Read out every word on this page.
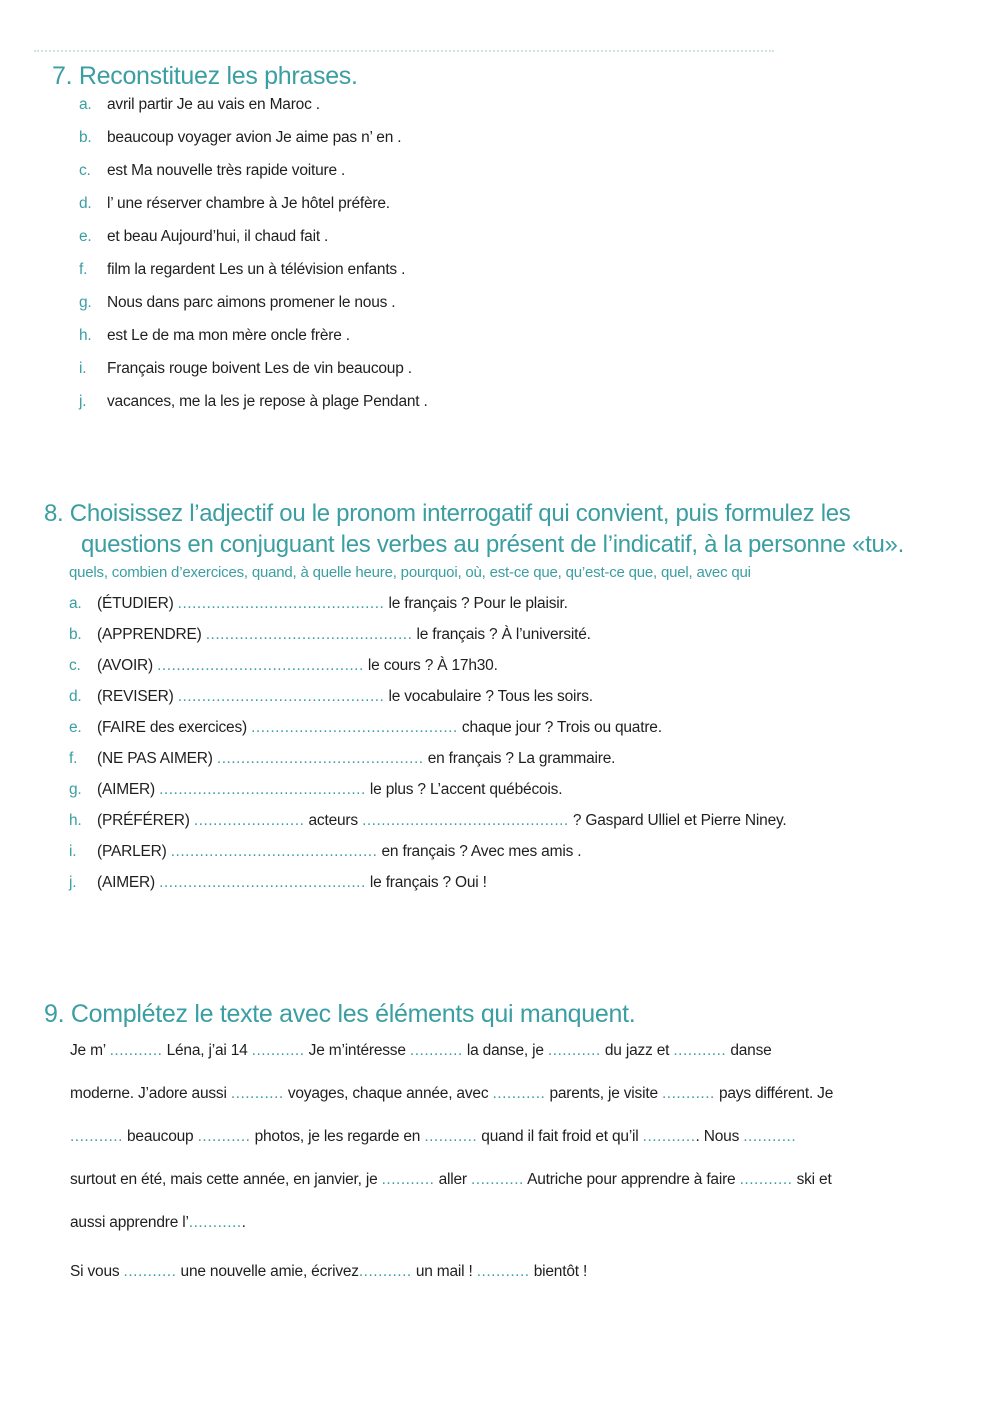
7. Reconstituez les phrases.
a. avril partir Je au vais en Maroc .
b. beaucoup voyager avion Je aime pas n’ en .
c. est Ma nouvelle très rapide voiture .
d. l’ une réserver chambre à Je hôtel préfère.
e. et beau Aujourd’hui, il chaud fait .
f. film la regardent Les un à télévision enfants .
g. Nous dans parc aimons promener le nous .
h. est Le de ma mon mère oncle frère .
i. Français rouge boivent Les de vin beaucoup .
j. vacances, me la les je repose à plage Pendant .
8. Choisissez l’adjectif ou le pronom interrogatif qui convient, puis formulez les
questions en conjuguant les verbes au présent de l’indicatif, à la personne «tu».
quels, combien d’exercices, quand, à quelle heure, pourquoi, où, est-ce que, qu’est-ce que, quel, avec qui
a. (ÉTUDIER) ........................................... le français ? Pour le plaisir.
b. (APPRENDRE) ........................................... le français ? À l’université.
c. (AVOIR) ........................................... le cours ? À 17h30.
d. (REVISER) ........................................... le vocabulaire ? Tous les soirs.
e. (FAIRE des exercices) ........................................... chaque jour ? Trois ou quatre.
f. (NE PAS AIMER) ........................................... en français ? La grammaire.
g. (AIMER) ........................................... le plus ? L’accent québécois.
h. (PRÉFÉRER) ....................... acteurs ........................................... ? Gaspard Ulliel et Pierre Niney.
i. (PARLER) ........................................... en français ? Avec mes amis .
j. (AIMER) ........................................... le français ? Oui !
9. Complétez le texte avec les éléments qui manquent.
Je m’ ........... Léna, j’ai 14 ........... Je m’intéresse ........... la danse, je ........... du jazz et ........... danse
moderne. J’adore aussi ........... voyages, chaque année, avec ........... parents, je visite ........... pays différent. Je
........... beaucoup ........... photos, je les regarde en ........... quand il fait froid et qu’il ............ Nous ...........
surtout en été, mais cette année, en janvier, je ........... aller ........... Autriche pour apprendre à faire ........... ski et
aussi apprendre l’............
Si vous ........... une nouvelle amie, écrivez........... un mail ! ........... bientôt !
